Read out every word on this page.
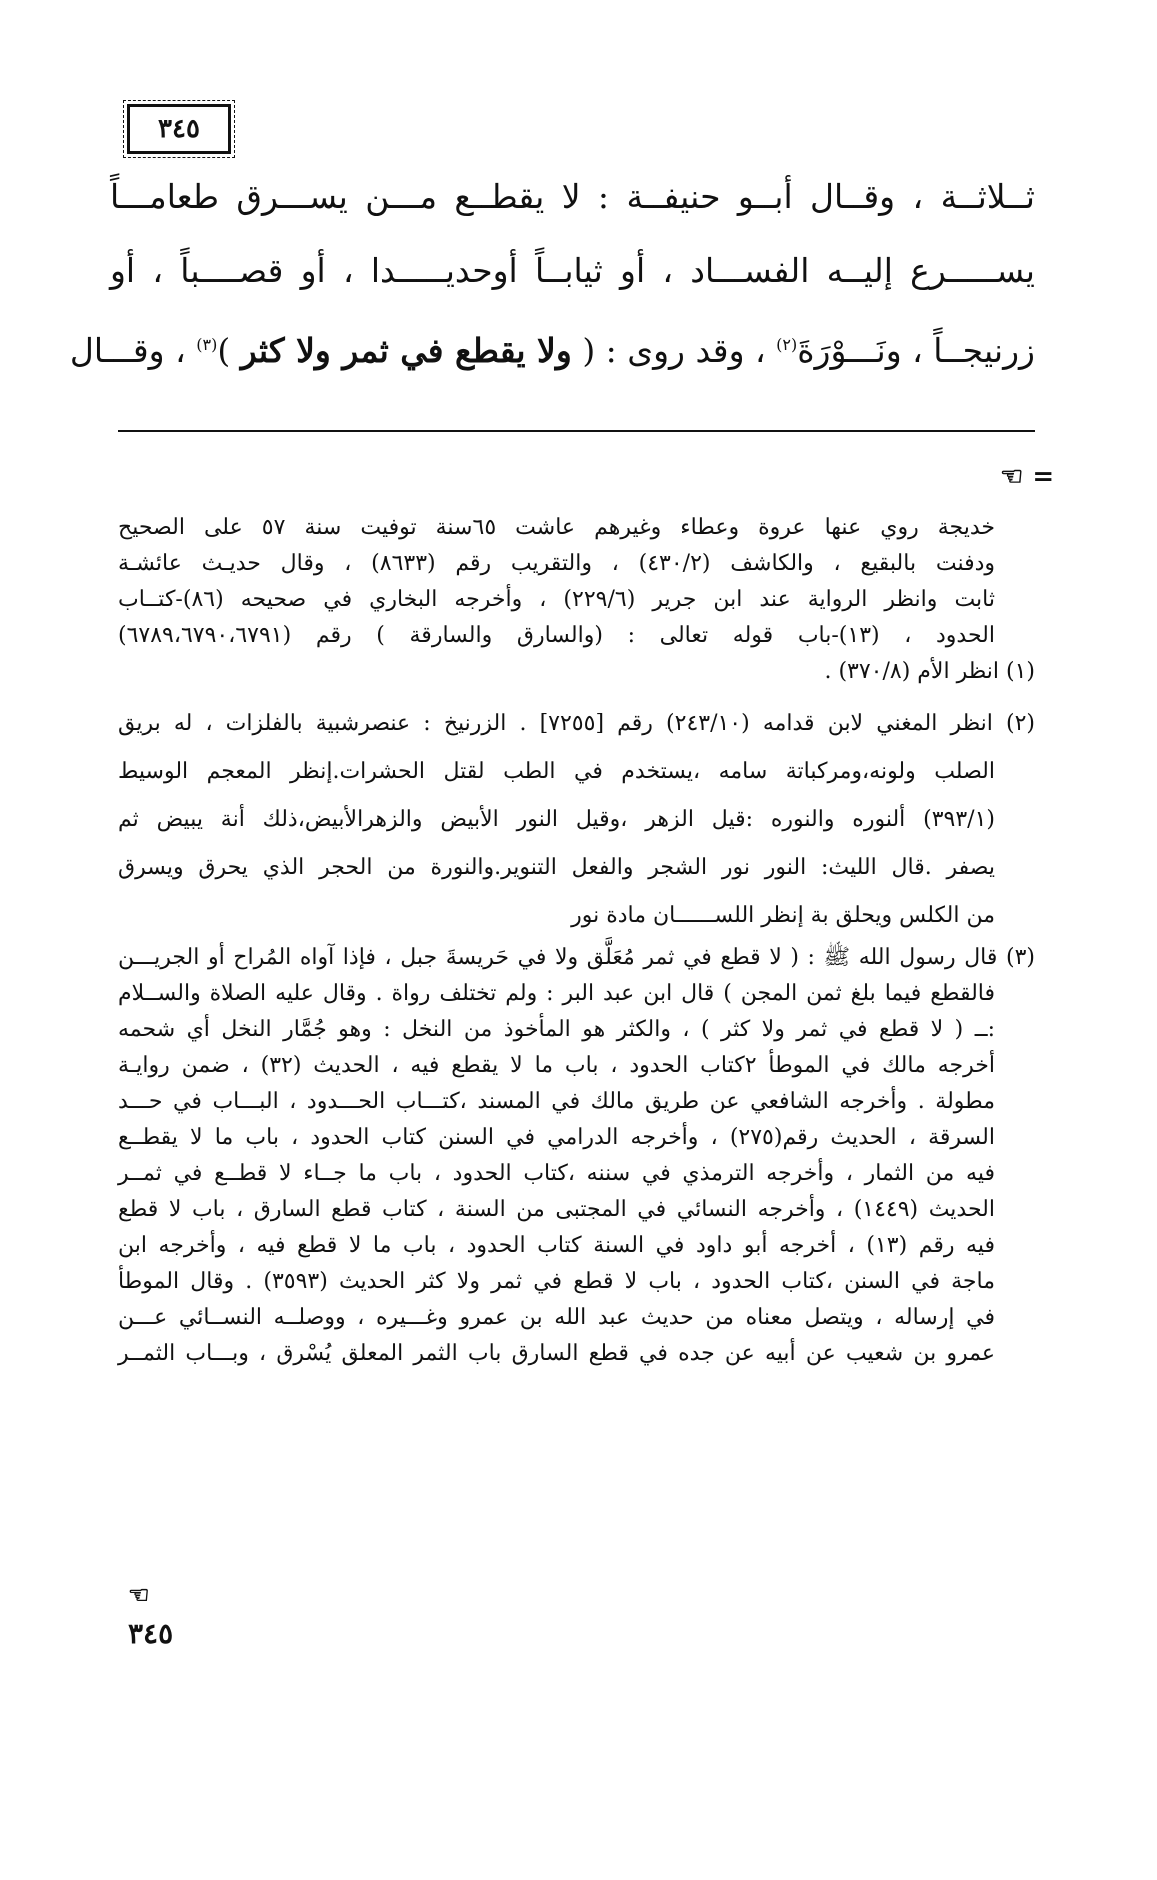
٣٤٥
ثــلاثــة ، وقــال أبــو حنيفــة : لا يقطــع مـــن يســـرق طعامـــاً
يســـــرع إليــه الفســـاد ، أو ثيابــاً أوحديـــــدا ، أو قصــــباً ، أو
زرنيجــاً ، ونَـــوْرَةَ$^{(٢)}$ ، وقد روى : ( ولا يقطع في ثمر ولا كثر )$^{(٣)}$ ، وقـــال
☜ =
خديجة روي عنها عروة وعطاء وغيرهم عاشت ٦٥سنة توفيت سنة ٥٧ على الصحيح
ودفنت بالبقيع ، والكاشف (٤٣٠/٢) ، والتقريب رقم (٨٦٣٣) ، وقال حديـث عائشـة
ثابت وانظر الرواية عند ابن جرير (٢٢٩/٦) ، وأخرجه البخاري في صحيحه (٨٦)-كتــاب
الحدود ، (١٣)-باب قوله تعالى : (والسارق والسارقة ) رقم (٦٧٨٩،٦٧٩٠،٦٧٩١)
(١) انظر الأم (٣٧٠/٨) .
(٢) انظر المغني لابن قدامه (٢٤٣/١٠) رقم [٧٢٥٥] . الزرنيخ : عنصرشبية بالفلزات ، له بريق
الصلب ولونه،ومركباتة سامه ،يستخدم في الطب لقتل الحشرات.إنظر المعجم الوسيط
(٣٩٣/١) ألنوره والنوره :قيل الزهر ،وقيل النور الأبيض والزهرالأبيض،ذلك أنة يبيض ثم
يصفر .قال الليث: النور نور الشجر والفعل التنوير.والنورة من الحجر الذي يحرق ويسرق
من الكلس ويحلق بة إنظر اللســــــان مادة نور
(٣) قال رسول الله ﷺ : ( لا قطع في ثمر مُعَلَّق ولا في حَريسةَ جبل ، فإذا آواه المُراح أو الجريـــن
فالقطع فيما بلغ ثمن المجن ) قال ابن عبد البر : ولم تختلف رواة . وقال عليه الصلاة والســلام
:ــ ( لا قطع في ثمر ولا كثر ) ، والكثر هو المأخوذ من النخل : وهو جُمَّار النخل أي شحمه
أخرجه مالك في الموطأ ٢كتاب الحدود ، باب ما لا يقطع فيه ، الحديث (٣٢) ، ضمن روايـة
مطولة . وأخرجه الشافعي عن طريق مالك في المسند ،كتـــاب الحـــدود ، البـــاب في حـــد
السرقة ، الحديث رقم(٢٧٥) ، وأخرجه الدرامي في السنن كتاب الحدود ، باب ما لا يقطــع
فيه من الثمار ، وأخرجه الترمذي في سننه ،كتاب الحدود ، باب ما جــاء لا قطــع في ثمــر
الحديث (١٤٤٩) ، وأخرجه النسائي في المجتبى من السنة ، كتاب قطع السارق ، باب لا قطع
فيه رقم (١٣) ، أخرجه أبو داود في السنة كتاب الحدود ، باب ما لا قطع فيه ، وأخرجه ابن
ماجة في السنن ،كتاب الحدود ، باب لا قطع في ثمر ولا كثر الحديث (٣٥٩٣) . وقال الموطأ
في إرساله ، ويتصل معناه من حديث عبد الله بن عمرو وغـــيره ، ووصلــه النســائي عـــن
عمرو بن شعيب عن أبيه عن جده في قطع السارق باب الثمر المعلق يُسْرق ، وبـــاب الثمــر
☜
٣٤٥
